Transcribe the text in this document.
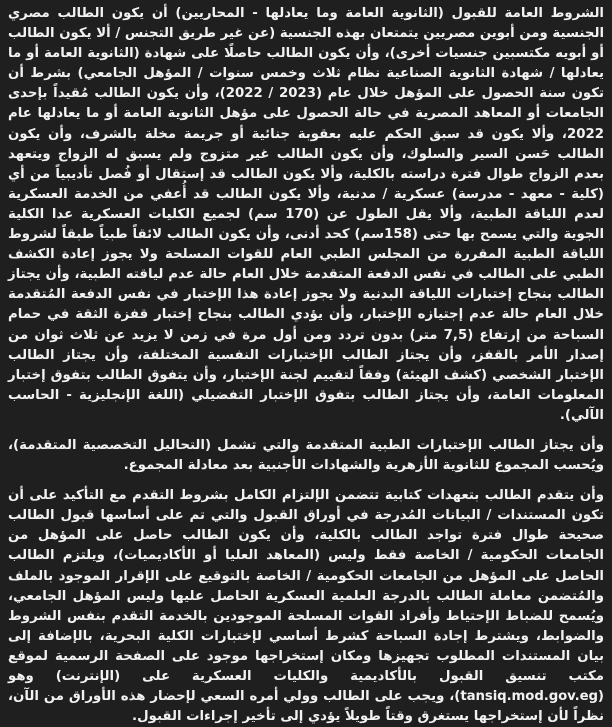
الشروط العامة للقبول (الثانوية العامة وما يعادلها - المحاريين) أن يكون الطالب مصري الجنسية ومن أبوين مصريين يتمتعان بهذه الجنسية (عن غير طريق التجنس / ألا يكون الطالب أو أبويه مكتسبين جنسيات أخرى)، وأن يكون الطالب حاصلًا على شهادة (الثانوية العامة أو ما يعادلها / شهادة الثانوية الصناعية نظام ثلاث وخمس سنوات / المؤهل الجامعي) بشرط أن تكون سنة الحصول على المؤهل خلال عام (2023 / 2022)، وأن يكون الطالب مُقيداً بإحدى الجامعات أو المعاهد المصرية في حالة الحصول على مؤهل الثانوية العامة أو ما يعادلها عام 2022، وألا يكون قد سبق الحكم عليه بعقوبة جنائية أو جريمة مخلة بالشرف، وأن يكون الطالب حَسن السير والسلوك، وأن يكون الطالب غير متزوج ولم يسبق له الزواج ويتعهد بعدم الزواج طوال فترة دراسته بالكلية، وألا يكون الطالب قد إستقال أو فُصل تأديبياً من أي (كلية - معهد - مدرسة) عسكرية / مدنية، وألا يكون الطالب قد أُعفي من الخدمة العسكرية لعدم اللياقة الطبية، وألا يقل الطول عن (170 سم) لجميع الكليات العسكرية عدا الكلية الجوية والتي يسمح بها حتى (158سم) كحد أدنى، وأن يكون الطالب لائقاً طبياً طبقاً لشروط اللياقة الطبية المقررة من المجلس الطبي العام للقوات المسلحة ولا يجوز إعادة الكشف الطبي على الطالب في نفس الدفعة المتقدمة خلال العام حالة عدم لياقته الطبية، وأن يجتاز الطالب بنجاح إختبارات اللياقة البدنية ولا يجوز إعادة هذا الإختبار في نفس الدفعة المُتقدمة خلال العام حالة عدم إجتيازه الإختبار، وأن يؤدي الطالب بنجاح إختبار قفزة الثقة في حمام السباحة من إرتفاع (7,5 متر) بدون تردد ومن أول مرة في زمن لا يزيد عن ثلاث ثوان من إصدار الأمر بالقفز، وأن يجتاز الطالب الإختبارات النفسية المختلفة، وأن يجتاز الطالب الإختبار الشخصي (كشف الهيئة) وفقاً لتقييم لجنة الإختبار، وأن يتفوق الطالب بتفوق إختبار المعلومات العامة، وأن يجتاز الطالب بتفوق الإختبار التفضيلي (اللغة الإنجليزية - الحاسب الآلي).

وأن يجتاز الطالب الإختبارات الطبية المتقدمة والتي تشمل (التحاليل التخصصية المتقدمة)، ويُحسب المجموع للثانوية الأزهرية والشهادات الأجنبية بعد معادلة المجموع.

وأن يتقدم الطالب بتعهدات كتابية تتضمن الإلتزام الكامل بشروط التقدم مع التأكيد على أن تكون المستندات / البيانات المُدرجة في أوراق القبول والتي تم على أساسها قبول الطالب صحيحة طوال فترة تواجد الطالب بالكلية، وأن يكون الطالب حاصل على المؤهل من الجامعات الحكومية / الخاصة فقط وليس (المعاهد العليا أو الأكاديميات)، ويلتزم الطالب الحاصل على المؤهل من الجامعات الحكومية / الخاصة بالتوقيع على الإقرار الموجود بالملف والمُتضمن معاملة الطالب بالدرجة العلمية العسكرية الحاصل عليها وليس المؤهل الجامعي، ويُسمح للضباط الإحتياط وأفراد القوات المسلحة الموجودين بالخدمة التقدم بنفس الشروط والضوابط، ويشترط إجادة السباحة كشرط أساسي لإختبارات الكلية البحرية، بالإضافة إلى بيان المستندات المطلوب تجهيزها ومكان إستخراجها موجود على الصفحة الرسمية لموقع مكتب تنسيق القبول بالأكاديمية والكليات العسكرية على (الإنترنت) وهو (tansiq.mod.gov.eg)، ويجب على الطالب وولي أمره السعي لإحضار هذه الأوراق من الآن، نظراً لأن إستخراجها يستغرق وقتاً طويلاً يؤدي إلى تأخير إجراءات القبول.
